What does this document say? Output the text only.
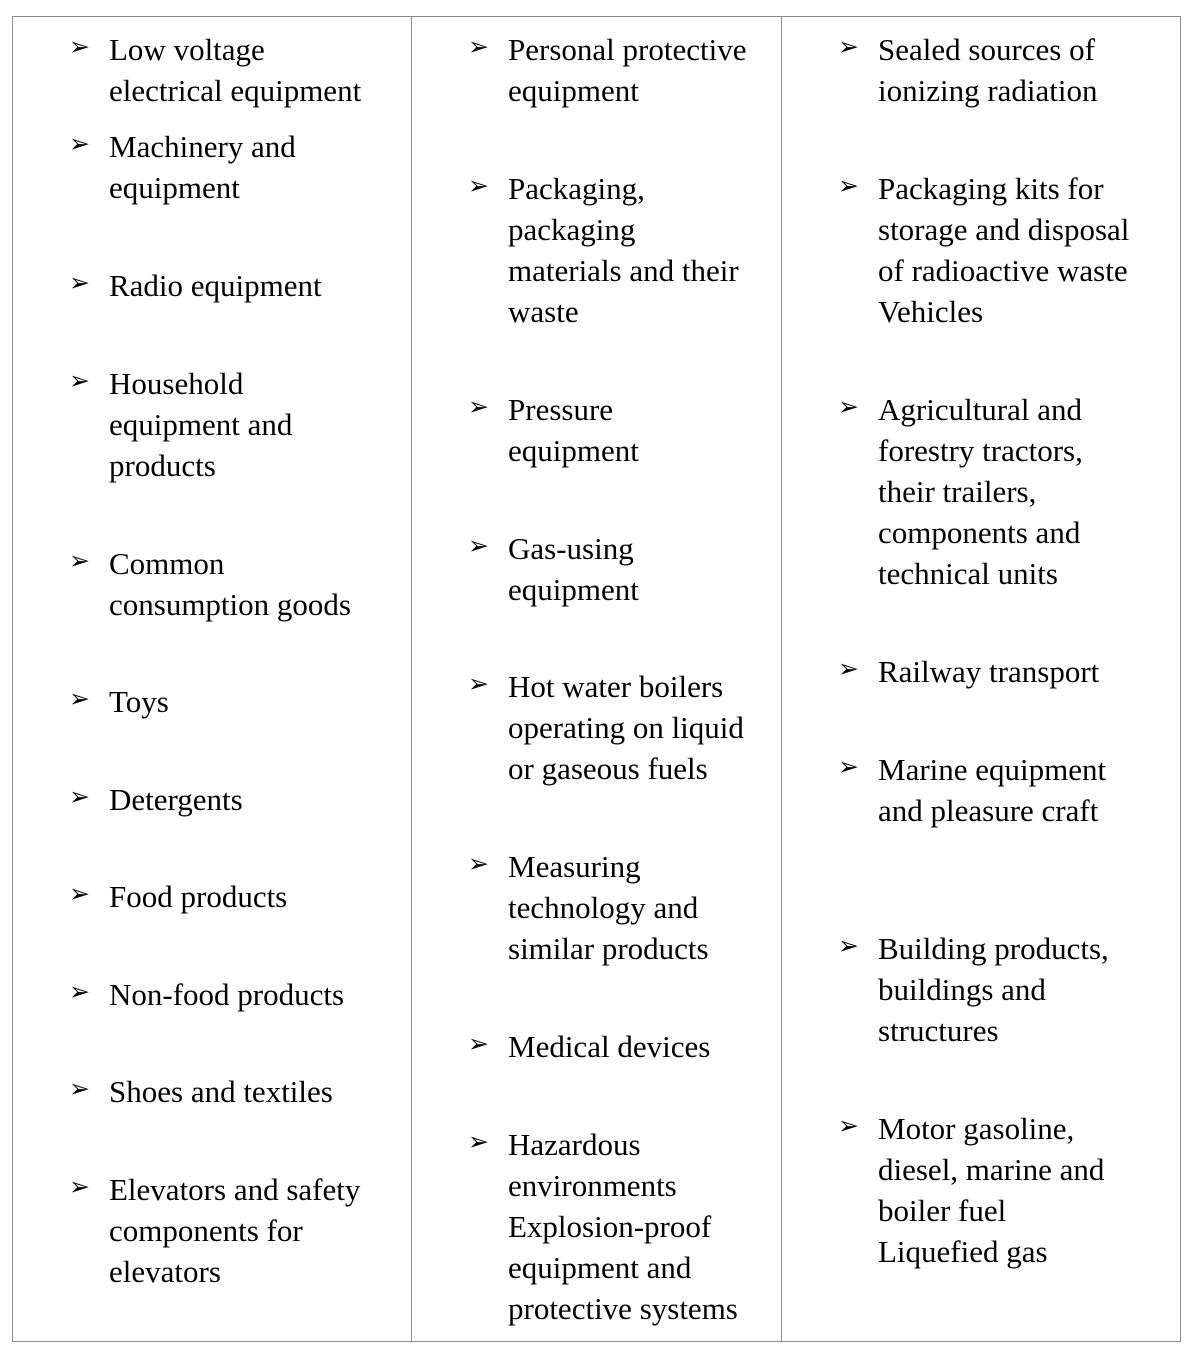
➢ Low voltage
electrical equipment
➢ Machinery and
equipment
➢ Radio equipment
➢ Household
equipment and
products
➢ Common
consumption goods
➢ Toys
➢ Detergents
➢ Food products
➢ Non-food products
➢ Shoes and textiles
➢ Elevators and safety
components for
elevators
➢ Personal protective
equipment
➢ Packaging,
packaging
materials and their
waste
➢ Pressure
equipment
➢ Gas-using
equipment
➢ Hot water boilers
operating on liquid
or gaseous fuels
➢ Measuring
technology and
similar products
➢ Medical devices
➢ Hazardous
environments
Explosion-proof
equipment and
protective systems
➢ Sealed sources of
ionizing radiation
➢ Packaging kits for
storage and disposal
of radioactive waste
Vehicles
➢ Agricultural and
forestry tractors,
their trailers,
components and
technical units
➢ Railway transport
➢ Marine equipment
and pleasure craft
➢ Building products,
buildings and
structures
➢ Motor gasoline,
diesel, marine and
boiler fuel
Liquefied gas
